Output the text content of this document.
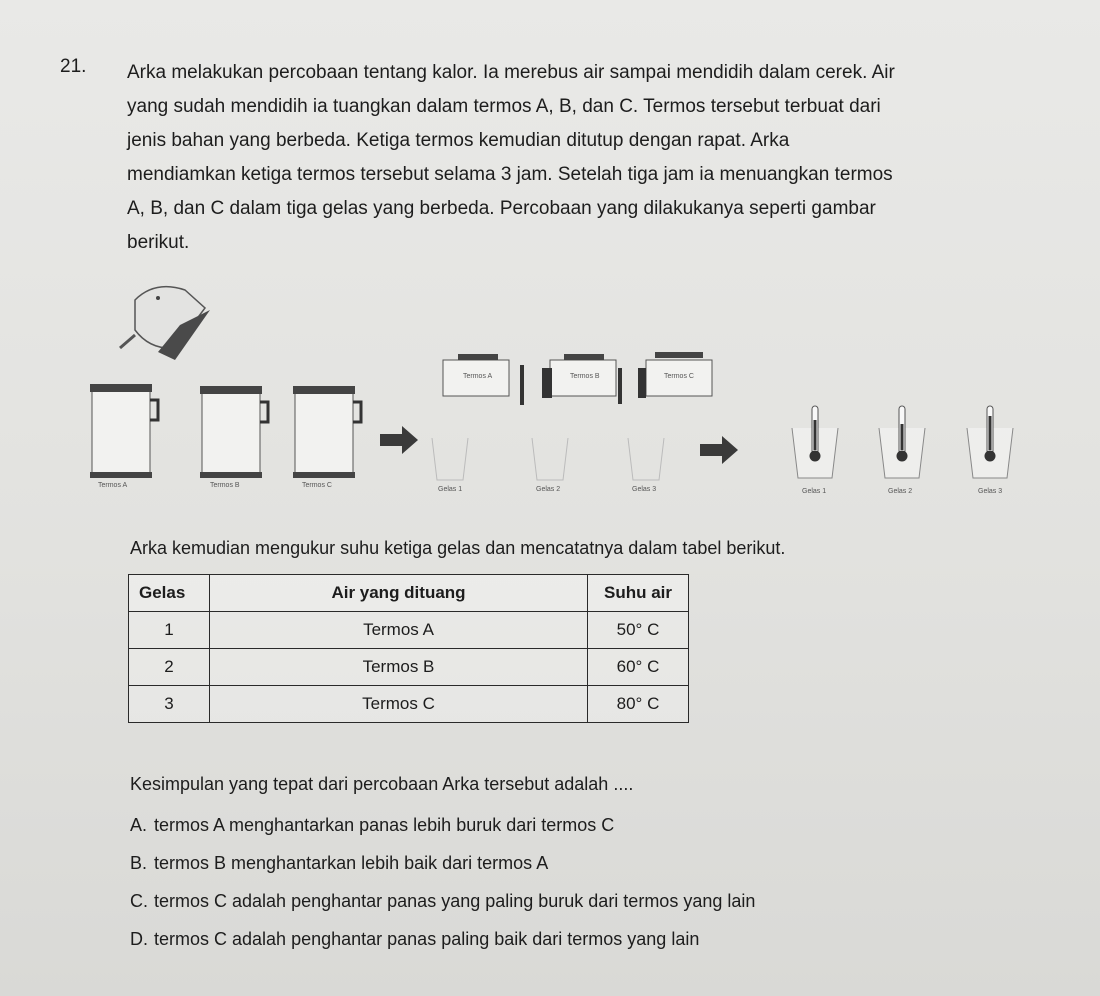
21. Arka melakukan percobaan tentang kalor. Ia merebus air sampai mendidih dalam cerek. Air

yang sudah mendidih ia tuangkan dalam termos A, B, dan C. Termos tersebut terbuat dari

jenis bahan yang berbeda. Ketiga termos kemudian ditutup dengan rapat. Arka

mendiamkan ketiga termos tersebut selama 3 jam. Setelah tiga jam ia menuangkan termos

A, B, dan C dalam tiga gelas yang berbeda. Percobaan yang dilakukanya seperti gambar

berikut.

Termos A	Termos B	Termos C
Termos A	Termos B	Termos C
Gelas 1	Gelas 2	Gelas 3	Gelas 1	Gelas 2	Gelas 3
Arka kemudian mengukur suhu ketiga gelas dan mencatatnya dalam tabel berikut.
Gelas	Air yang dituang	Suhu air
1	Termos A	50° C
2	Termos B	60° C
3	Termos C	80° C
Kesimpulan yang tepat dari percobaan Arka tersebut adalah ....
A. termos A menghantarkan panas lebih buruk dari termos C
B. termos B menghantarkan lebih baik dari termos A
C. termos C adalah penghantar panas yang paling buruk dari termos yang lain
D. termos C adalah penghantar panas paling baik dari termos yang lain
